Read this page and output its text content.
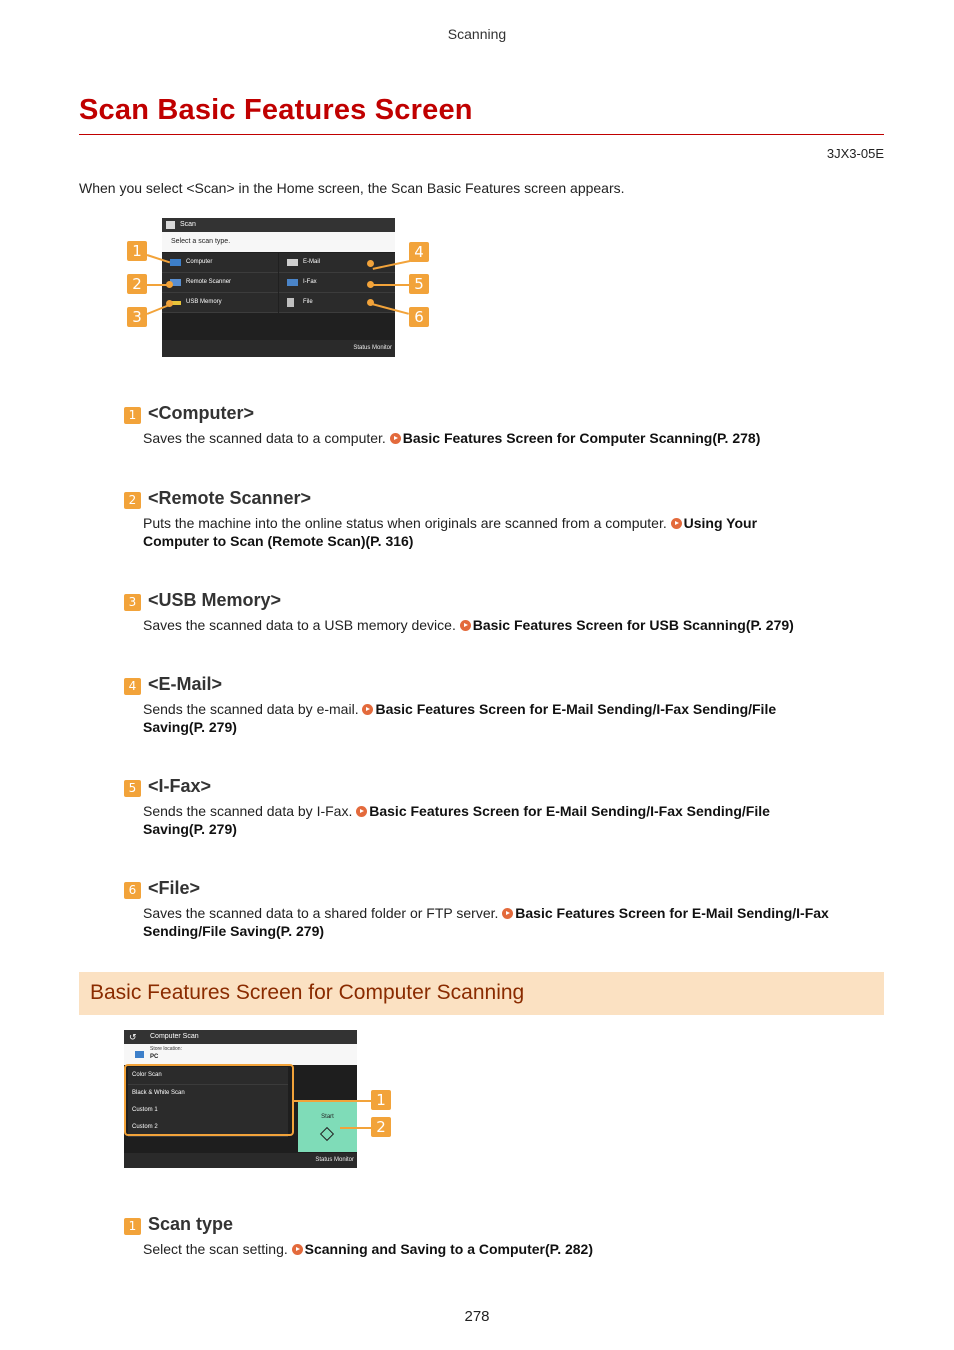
Scanning
Scan Basic Features Screen
3JX3-05E
When you select <Scan> in the Home screen, the Scan Basic Features screen appears.
Scan
Select a scan type.
Computer
Remote Scanner
USB Memory
E-Mail
I-Fax
File
Status Monitor
1
2
3
4
5
6
1 <Computer>
Saves the scanned data to a computer. Basic Features Screen for Computer Scanning(P. 278)
2 <Remote Scanner>
Puts the machine into the online status when originals are scanned from a computer. Using Your
Computer to Scan (Remote Scan)(P. 316)
3 <USB Memory>
Saves the scanned data to a USB memory device. Basic Features Screen for USB Scanning(P. 279)
4 <E-Mail>
Sends the scanned data by e-mail. Basic Features Screen for E-Mail Sending/I-Fax Sending/File
Saving(P. 279)
5 <I-Fax>
Sends the scanned data by I-Fax. Basic Features Screen for E-Mail Sending/I-Fax Sending/File
Saving(P. 279)
6 <File>
Saves the scanned data to a shared folder or FTP server. Basic Features Screen for E-Mail Sending/I-Fax
Sending/File Saving(P. 279)
Basic Features Screen for Computer Scanning
↺ Computer Scan
Store location:
PC
Color Scan
Black & White Scan
Custom 1
Custom 2
Start
Status Monitor
1
2
1 Scan type
Select the scan setting. Scanning and Saving to a Computer(P. 282)
278
